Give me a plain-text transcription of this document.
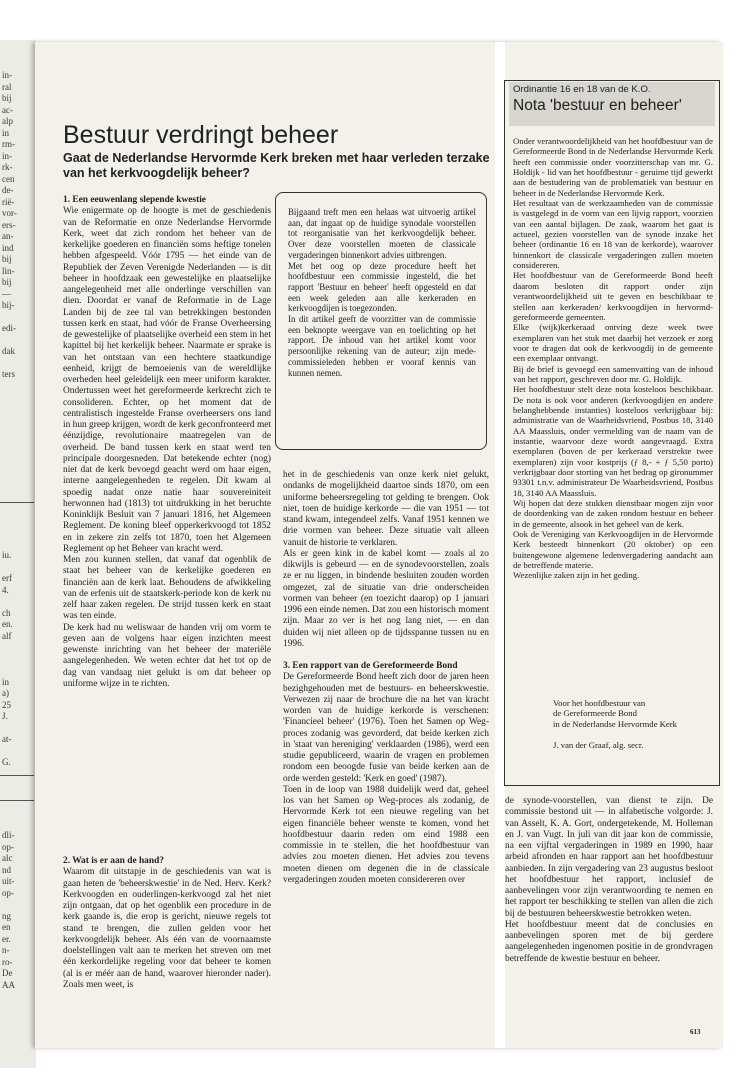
in-
ral
bij
ac-
alp
in
rm-
in-
rk-
cen
de-
rië-
vor-
ers-
an-
ind
bij
lin-
bij
—
bij-
edi-
dak
ters
iu.
erf
4.
ch
en.
alf
in
a)
25
J.
at-
G.
dli-
op-
alc
nd
uit-
op-
ng
en
er.
n-
ro-
De
AA
Bestuur verdringt beheer
Gaat de Nederlandse Hervormde Kerk breken met haar verleden terzake van het kerkvoogdelijk beheer?
1. Een eeuwenlang slepende kwestie

Wie enigermate op de hoogte is met de geschiedenis van de Reformatie en onze Nederlandse Hervormde Kerk, weet dat zich rondom het beheer van de kerkelijke goederen en financiën soms heftige tonelen hebben afgespeeld. Vóór 1795 — het einde van de Republiek der Zeven Verenigde Nederlanden — is dit beheer in hoofdzaak een gewestelijke en plaatselijke aangelegenheid met alle onderlinge verschillen van dien. Doordat er vanaf de Reformatie in de Lage Landen bij de zee tal van betrekkingen bestonden tussen kerk en staat, had vóór de Franse Overheersing de gewestelijke of plaatselijke overheid een stem in het kapittel bij het kerkelijk beheer. Naarmate er sprake is van het ontstaan van een hechtere staatkundige eenheid, krijgt de bemoeienis van de wereldlijke overheden heel geleidelijk een meer uniform karakter. Ondertussen weet het gereformeerde kerkrecht zich te consolideren. Echter, op het moment dat de centralistisch ingestelde Franse overheersers ons land in hun greep krijgen, wordt de kerk geconfronteerd met éénzijdige, revolutionaire maatregelen van de overheid. De band tussen kerk en staat werd ten principale doorgesneden. Dat betekende echter (nog) niet dat de kerk bevoegd geacht werd om haar eigen, interne aangelegenheden te regelen. Dit kwam al spoedig nadat onze natie haar souvereiniteit herwonnen had (1813) tot uitdrukking in het beruchte Koninklijk Besluit van 7 januari 1816, het Algemeen Reglement. De koning bleef opperkerkvoogd tot 1852 en in zekere zin zelfs tot 1870, toen het Algemeen Reglement op het Beheer van kracht werd.

Men zou kunnen stellen, dat vanaf dat ogenblik de staat het beheer van de kerkelijke goederen en financiën aan de kerk laat. Behoudens de afwikkeling van de erfenis uit de staatskerk-periode kon de kerk nu zelf haar zaken regelen. De strijd tussen kerk en staat was ten einde.

De kerk had nu weliswaar de handen vrij om vorm te geven aan de volgens haar eigen inzichten meest gewenste inrichting van het beheer der materiële aangelegenheden. We weten echter dat het tot op de dag van vandaag niet gelukt is om dat beheer op uniforme wijze in te richten.

2. Wat is er aan de hand?

Waarom dit uitstapje in de geschiedenis van wat is gaan heten de 'beheerskwestie' in de Ned. Herv. Kerk? Kerkvoogden en ouderlingen-kerkvoogd zal het niet zijn ontgaan, dat op het ogenblik een procedure in de kerk gaande is, die erop is gericht, nieuwe regels tot stand te brengen, die zullen gelden voor het kerkvoogdelijk beheer. Als één van de voornaamste doelstellingen valt aan te merken het streven om met één kerkordelijke regeling voor dat beheer te komen (al is er méér aan de hand, waarover hieronder nader). Zoals men weet, is

Bijgaand treft men een helaas wat uitvoerig artikel aan, dat ingaat op de huidige synodale voorstellen tot reorganisatie van het kerkvoogdelijk beheer. Over deze voorstellen moeten de classicale vergaderingen binnenkort advies uitbrengen.

Met het oog op deze procedure heeft het hoofdbestuur een commissie ingesteld, die het rapport 'Bestuur en beheer' heeft opgesteld en dat een week geleden aan alle kerkeraden en kerkvoogdijen is toegezonden.

In dit artikel geeft de voorzitter van de commissie een beknopte weergave van en toelichting op het rapport. De inhoud van het artikel komt voor persoonlijke rekening van de auteur; zijn mede-commissieleden hebben er vooraf kennis van kunnen nemen.

het in de geschiedenis van onze kerk niet gelukt, ondanks de mogelijkheid daartoe sinds 1870, om een uniforme beheersregeling tot gelding te brengen. Ook niet, toen de huidige kerkorde — die van 1951 — tot stand kwam, integendeel zelfs. Vanaf 1951 kennen we drie vormen van beheer. Deze situatie valt alleen vanuit de historie te verklaren.

Als er geen kink in de kabel komt — zoals al zo dikwijls is gebeurd — en de synodevoorstellen, zoals ze er nu liggen, in bindende besluiten zouden worden omgezet, zal de situatie van drie onderscheiden vormen van beheer (en toezicht daarop) op 1 januari 1996 een einde nemen. Dat zou een historisch moment zijn. Maar zo ver is het nog lang niet, — en dan duiden wij niet alleen op de tijdsspanne tussen nu en 1996.

3. Een rapport van de Gereformeerde Bond

De Gereformeerde Bond heeft zich door de jaren heen bezighgehouden met de bestuurs- en beheerskwestie. Verwezen zij naar de brochure die na het van kracht worden van de huidige kerkorde is verschenen: 'Financieel beheer' (1976). Toen het Samen op Weg-proces zodanig was gevorderd, dat beide kerken zich in 'staat van hereniging' verklaarden (1986), werd een studie gepubliceerd, waarin de vragen en problemen rondom een beoogde fusie van beide kerken aan de orde werden gesteld: 'Kerk en goed' (1987).

Toen in de loop van 1988 duidelijk werd dat, geheel los van het Samen op Weg-proces als zodanig, de Hervormde Kerk tot een nieuwe regeling van het eigen financiële beheer wenste te komen, vond het hoofdbestuur daarin reden om eind 1988 een commissie in te stellen, die het hoofdbestuur van advies zou moeten dienen. Het advies zou tevens moeten dienen om degenen die in de classicale vergaderingen zouden moeten considereren over

Ordinantie 16 en 18 van de K.O.

Nota 'bestuur en beheer'

Onder verantwoordelijkheid van het hoofdbestuur van de Gereformeerde Bond in de Nederlandse Hervormde Kerk heeft een commissie onder voorzitterschap van mr. G. Holdijk - lid van het hoofdbestuur - geruime tijd gewerkt aan de bestudering van de problematiek van bestuur en beheer in de Nederlandse Hervormde Kerk.

Het resultaat van de werkzaamheden van de commissie is vastgelegd in de vorm van een lijvig rapport, voorzien van een aantal bijlagen. De zaak, waarom het gaat is actueel, gezien voorstellen van de synode inzake het beheer (ordinantie 16 en 18 van de kerkorde), waarover binnenkort de classicale vergaderingen zullen moeten considereren.

Het hoofdbestuur van de Gereformeerde Bond heeft daarom besloten dit rapport onder zijn verantwoordelijkheid uit te geven en beschikbaar te stellen aan kerkeraden/ kerkvoogdijen in hervormd-gereformeerde gemeenten.

Elke (wijk)kerkeraad ontving deze week twee exemplaren van het stuk met daarbij het verzoek er zorg voor te dragen dat ook de kerkvoogdij in de gemeente een exemplaar ontvangt.

Bij de brief is gevoegd een samenvatting van de inhoud van het rapport, geschreven door mr. G. Holdijk.

Het hoofdbestuur stelt deze nota kosteloos beschikbaar. De nota is ook voor anderen (kerkvoogdijen en andere belanghebbende instanties) kosteloos verkrijgbaar bij: administratie van de Waarheidsvriend, Postbus 18, 3140 AA Maassluis, onder vermelding van de naam van de instantie, waarvoor deze wordt aangevraagd. Extra exemplaren (boven de per kerkeraad verstrekte twee exemplaren) zijn voor kostprijs (ƒ 8,- + ƒ 5,50 porto) verkrijgbaar door storting van het bedrag op gironummer 93301 t.n.v. administrateur De Waarheidsvriend, Postbus 18, 3140 AA Maassluis.

Wij hopen dat deze stukken dienstbaar mogen zijn voor de doordenking van de zaken rondom bestuur en beheer in de gemeente, alsook in het geheel van de kerk.

Ook de Vereniging van Kerkvoogdijen in de Hervormde Kerk besteedt binnenkort (20 oktober) op een buitengewone algemene ledenvergadering aandacht aan de betreffende materie.

Wezenlijke zaken zijn in het geding.

Voor het hoofdbestuur van

de Gereformeerde Bond

in de Nederlandse Hervormde Kerk

J. van der Graaf, alg. secr.

de synode-voorstellen, van dienst te zijn. De commissie bestond uit — in alfabetische volgorde: J. van Asselt, K. A. Gort, ondergetekende, M. Holleman en J. van Vugt. In juli van dit jaar kon de commissie, na een vijftal vergaderingen in 1989 en 1990, haar arbeid afronden en haar rapport aan het hoofdbestuur aanbieden. In zijn vergadering van 23 augustus besloot het hoofdbestuur het rapport, inclusief de aanbevelingen voor zijn verantwoording te nemen en het rapport ter beschikking te stellen van allen die zich bij de bestuuren beheerskwestie betrokken weten.

Het hoofdbestuur meent dat de conclusies en aanbevelingen sporen met de bij gerdere aangelegenheden ingenomen positie in de grondvragen betreffende de kwestie bestuur en beheer.

613
